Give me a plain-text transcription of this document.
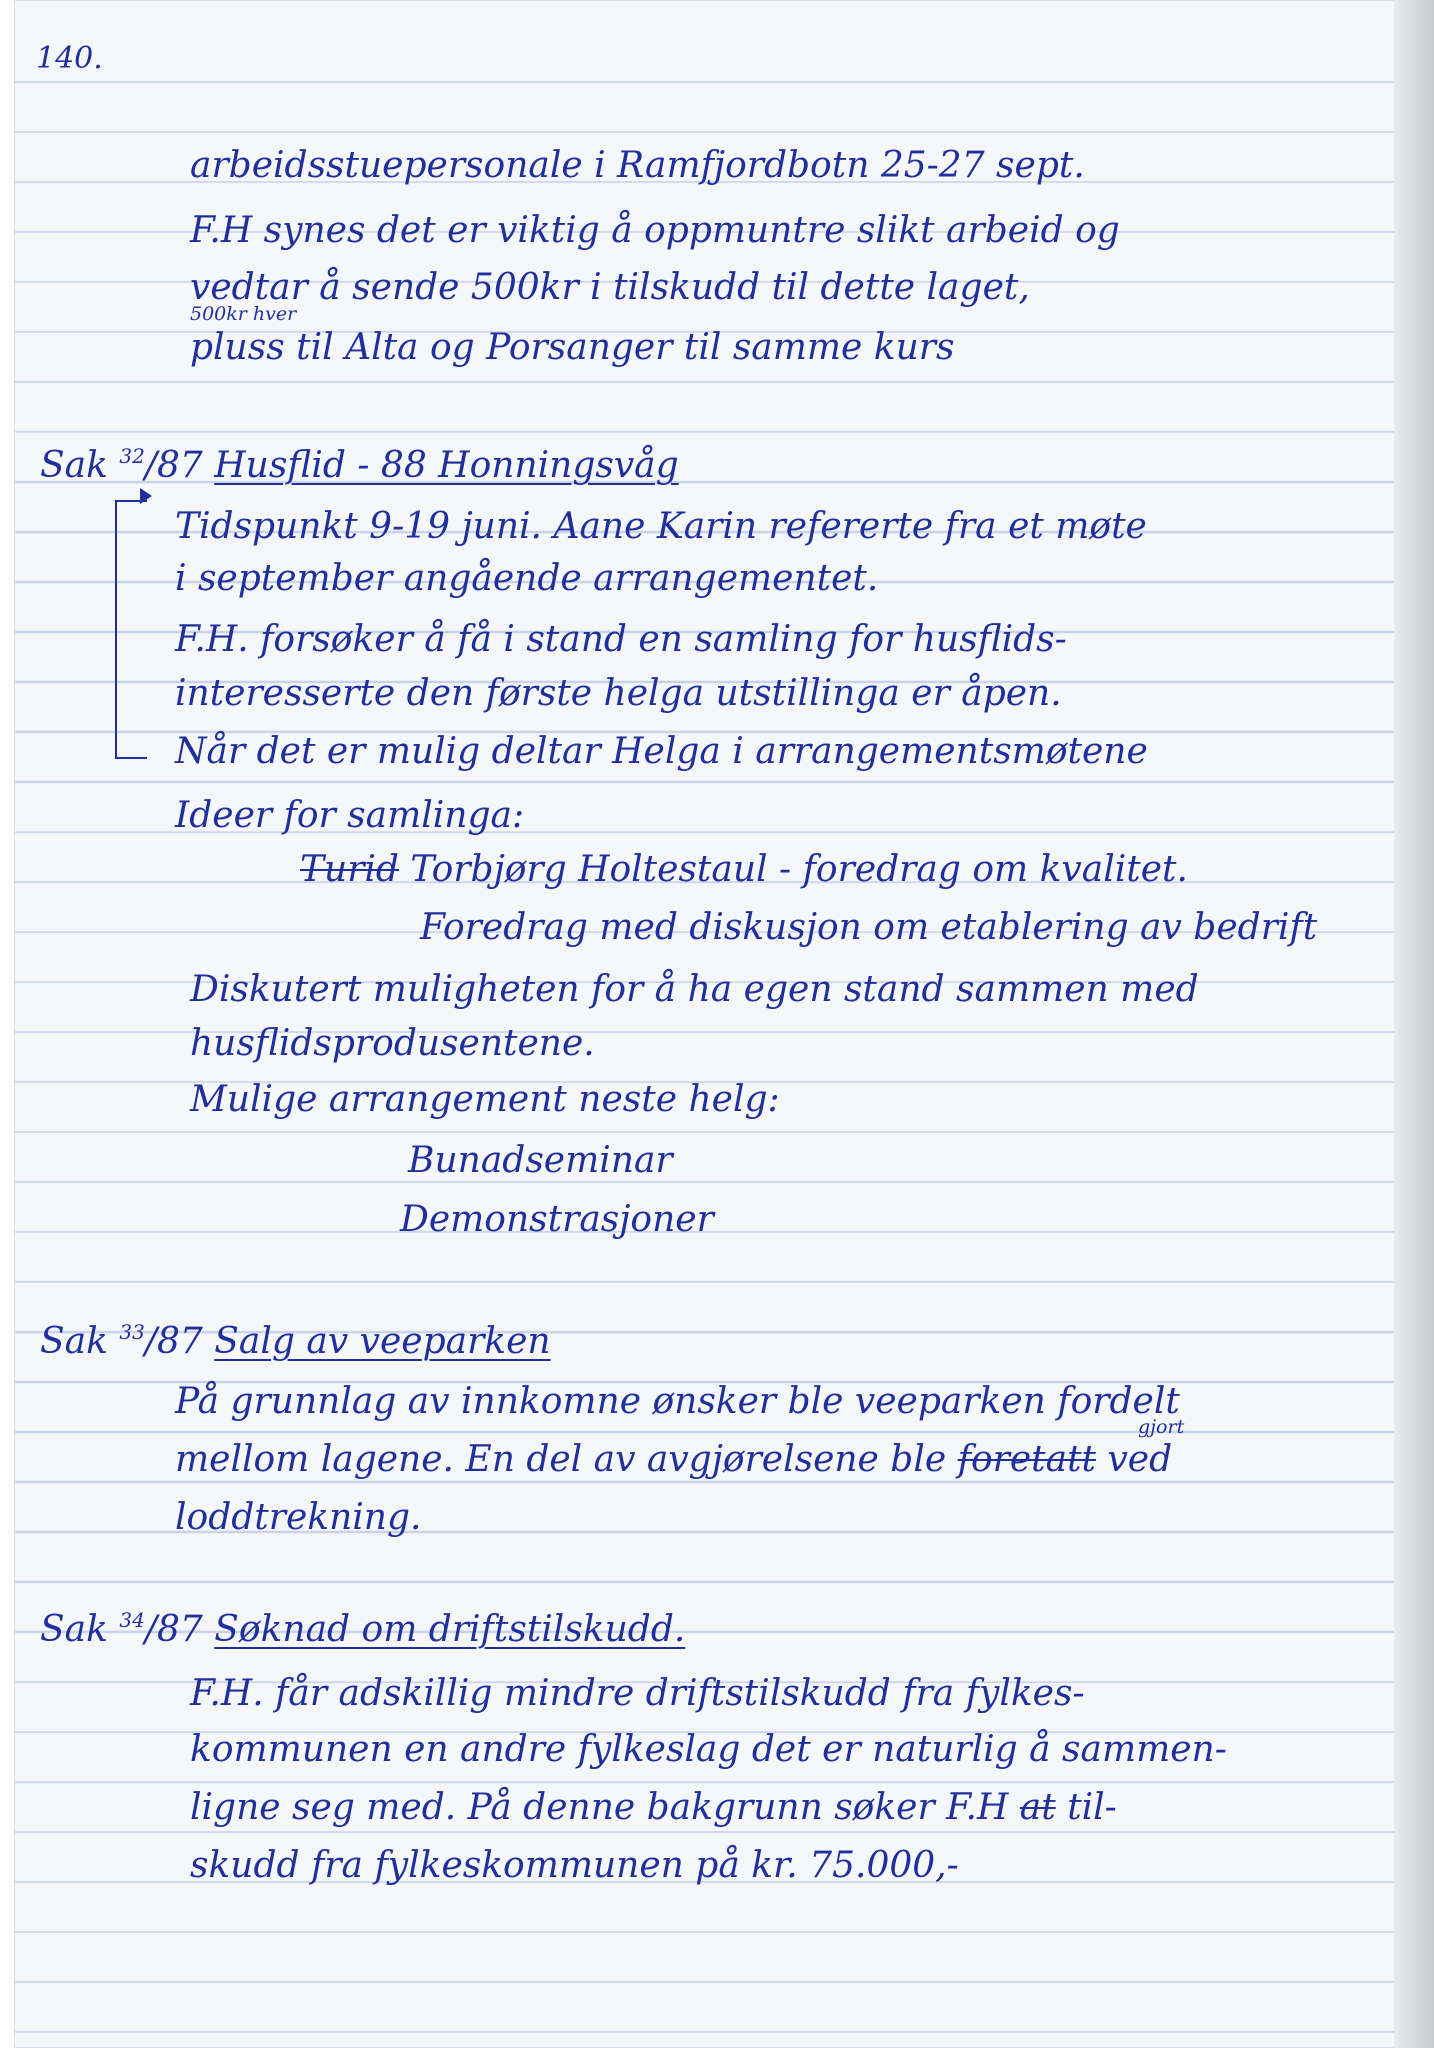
140.
arbeidsstuepersonale i Ramfjordbotn 25-27 sept.
F.H synes det er viktig å oppmuntre slikt arbeid og
vedtar å sende 500kr i tilskudd til dette laget,
500kr hver
pluss til Alta og Porsanger til samme kurs
Sak $^{32}$/87 Husflid - 88 Honningsvåg
Tidspunkt 9-19 juni. Aane Karin refererte fra et møte
i september angående arrangementet.
F.H. forsøker å få i stand en samling for husflids-
interesserte den første helga utstillinga er åpen.
Når det er mulig deltar Helga i arrangementsmøtene
Ideer for samlinga:
Turid Torbjørg Holtestaul - foredrag om kvalitet.
Foredrag med diskusjon om etablering av bedrift
Diskutert muligheten for å ha egen stand sammen med
husflidsprodusentene.
Mulige arrangement neste helg:
Bunadseminar
Demonstrasjoner
Sak $^{33}$/87 Salg av veeparken
På grunnlag av innkomne ønsker ble veeparken fordelt
gjort
mellom lagene. En del av avgjørelsene ble foretatt ved
loddtrekning.
Sak $^{34}$/87 Søknad om driftstilskudd.
F.H. får adskillig mindre driftstilskudd fra fylkes-
kommunen en andre fylkeslag det er naturlig å sammen-
ligne seg med. På denne bakgrunn søker F.H at til-
skudd fra fylkeskommunen på kr. 75.000,-
